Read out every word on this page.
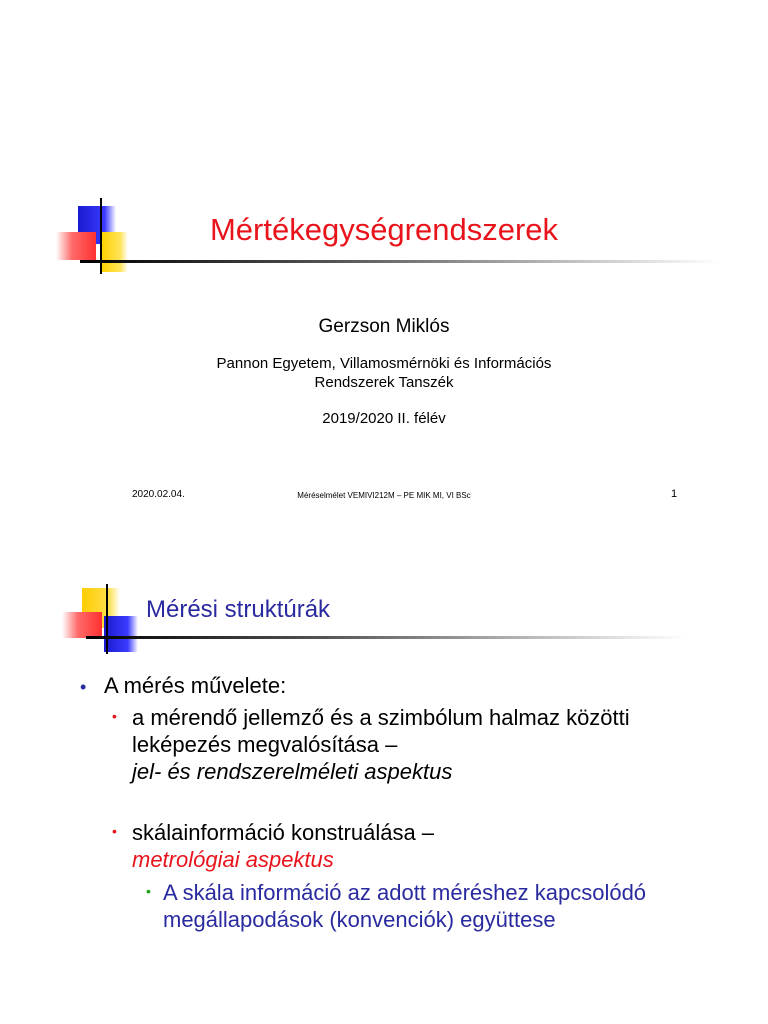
Mértékegységrendszerek
Gerzson Miklós
Pannon Egyetem, Villamosmérnöki és Információs
Rendszerek Tanszék
2019/2020 II. félév
2020.02.04.	Méréselmélet VEMIVI212M – PE MIK MI, VI BSc	1
Mérési struktúrák
• A mérés művelete:
• a mérendő jellemző és a szimbólum halmaz közötti
leképezés megvalósítása –
jel- és rendszerelméleti aspektus
• skálainformáció konstruálása –
metrológiai aspektus
• A skála információ az adott méréshez kapcsolódó
megállapodások (konvenciók) együttese
